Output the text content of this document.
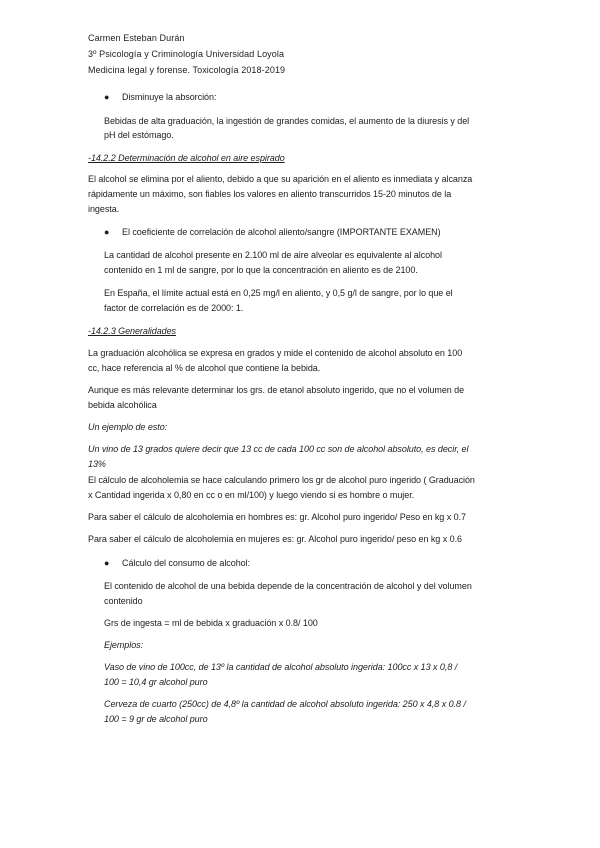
Carmen Esteban Durán
3º Psicología y Criminología Universidad Loyola
Medicina legal y forense. Toxicología 2018-2019
● Disminuye la absorción:
Bebidas de alta graduación, la ingestión de grandes comidas, el aumento de la diuresis y del
pH del estómago.
-14.2.2 Determinación de alcohol en aire espirado
El alcohol se elimina por el aliento, debido a que su aparición en el aliento es inmediata y alcanza
rápidamente un máximo, son fiables los valores en aliento transcurridos 15-20 minutos de la
ingesta.
● El coeficiente de correlación de alcohol aliento/sangre (IMPORTANTE EXAMEN)
La cantidad de alcohol presente en 2.100 ml de aire alveolar es equivalente al alcohol
contenido en 1 ml de sangre, por lo que la concentración en aliento es de 2100.
En España, el límite actual está en 0,25 mg/l en aliento, y 0,5 g/l de sangre, por lo que el
factor de correlación es de 2000: 1.
-14.2.3 Generalidades
La graduación alcohólica se expresa en grados y mide el contenido de alcohol absoluto en 100
cc, hace referencia al % de alcohol que contiene la bebida.
Aunque es más relevante determinar los grs. de etanol absoluto ingerido, que no el volumen de
bebida alcohólica
Un ejemplo de esto:
Un vino de 13 grados quiere decir que 13 cc de cada 100 cc son de alcohol absoluto, es decir, el
13%
El cálculo de alcoholemia se hace calculando primero los gr de alcohol puro ingerido ( Graduación
x Cantidad ingerida x 0,80 en cc o en ml/100) y luego viendo si es hombre o mujer.
Para saber el cálculo de alcoholemia en hombres es: gr. Alcohol puro ingerido/ Peso en kg x 0.7
Para saber el cálculo de alcoholemia en mujeres es: gr. Alcohol puro ingerido/ peso en kg x 0.6
● Cálculo del consumo de alcohol:
El contenido de alcohol de una bebida depende de la concentración de alcohol y del volumen
contenido
Grs de ingesta = ml de bebida x graduación x 0.8/ 100
Ejemplos:
Vaso de vino de 100cc, de 13º la cantidad de alcohol absoluto ingerida: 100cc x 13 x 0,8 /
100 = 10,4 gr alcohol puro
Cerveza de cuarto (250cc) de 4,8º la cantidad de alcohol absoluto ingerida: 250 x 4,8 x 0.8 /
100 = 9 gr de alcohol puro
